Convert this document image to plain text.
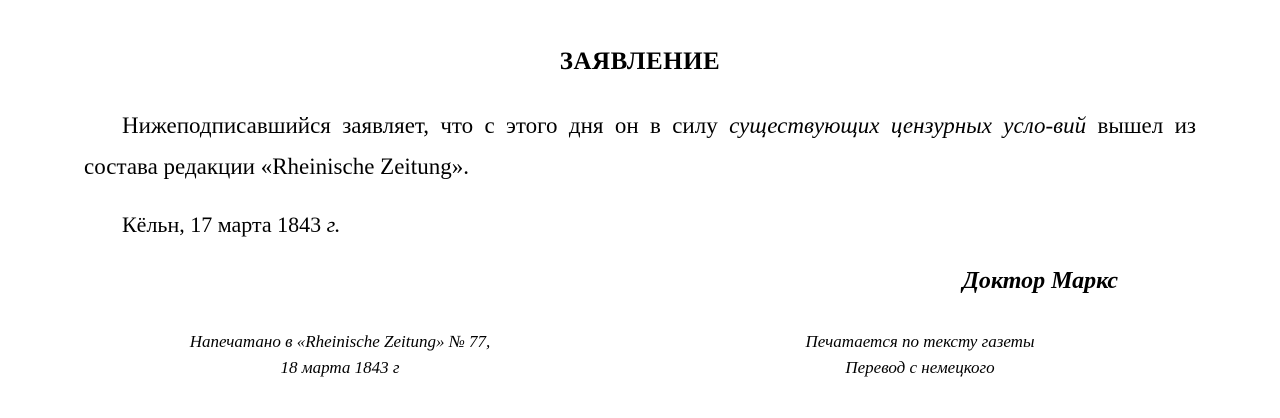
ЗАЯВЛЕНИЕ

Нижеподписавшийся заявляет, что с этого дня он в силу существующих цензурных усло-вий вышел из состава редакции «Rheinische Zeitung».

Кёльн, 17 марта 1843 г.

Доктор Маркс

Напечатано в «Rheinische Zeitung» № 77,
18 марта 1843 г
Печатается по тексту газеты
Перевод с немецкого
